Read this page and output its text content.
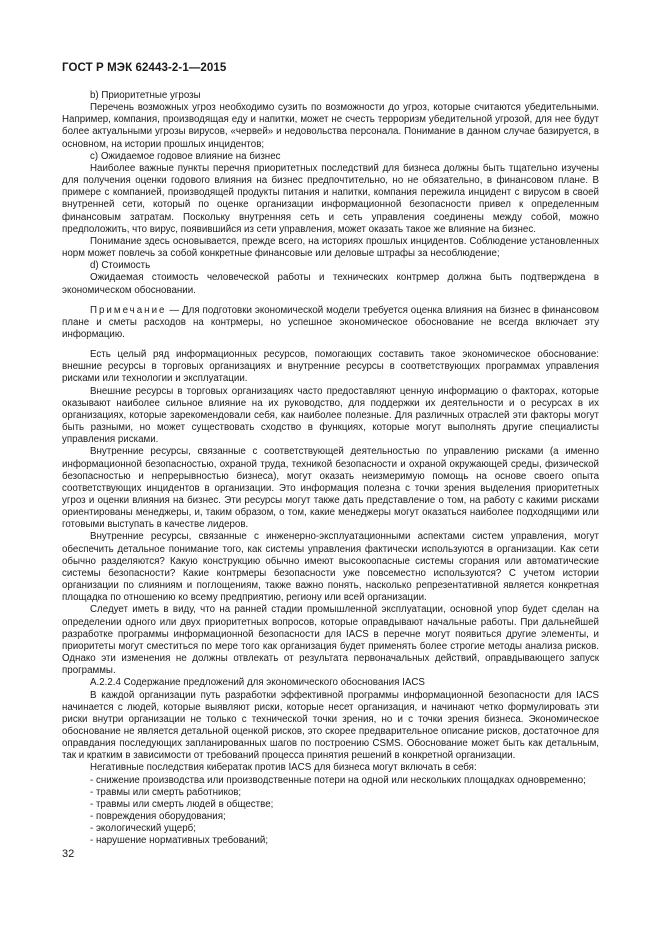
ГОСТ Р МЭК 62443-2-1—2015

b) Приоритетные угрозы

Перечень возможных угроз необходимо сузить по возможности до угроз, которые считаются убедительными. Например, компания, производящая еду и напитки, может не счесть терроризм убедительной угрозой, для нее будут более актуальными угрозы вирусов, «червей» и недовольства персонала. Понимание в данном случае базируется, в основном, на истории прошлых инцидентов;

c) Ожидаемое годовое влияние на бизнес

Наиболее важные пункты перечня приоритетных последствий для бизнеса должны быть тщательно изучены для получения оценки годового влияния на бизнес предпочтительно, но не обязательно, в финансовом плане. В примере с компанией, производящей продукты питания и напитки, компания пережила инцидент с вирусом в своей внутренней сети, который по оценке организации информационной безопасности привел к определенным финансовым затратам. Поскольку внутренняя сеть и сеть управления соединены между собой, можно предположить, что вирус, появившийся из сети управления, может оказать такое же влияние на бизнес.

Понимание здесь основывается, прежде всего, на историях прошлых инцидентов. Соблюдение установленных норм может повлечь за собой конкретные финансовые или деловые штрафы за несоблюдение;

d) Стоимость

Ожидаемая стоимость человеческой работы и технических контрмер должна быть подтверждена в экономическом обосновании.

Примечание — Для подготовки экономической модели требуется оценка влияния на бизнес в финансовом плане и сметы расходов на контрмеры, но успешное экономическое обоснование не всегда включает эту информацию.

Есть целый ряд информационных ресурсов, помогающих составить такое экономическое обоснование: внешние ресурсы в торговых организациях и внутренние ресурсы в соответствующих программах управления рисками или технологии и эксплуатации.

Внешние ресурсы в торговых организациях часто предоставляют ценную информацию о факторах, которые оказывают наиболее сильное влияние на их руководство, для поддержки их деятельности и о ресурсах в их организациях, которые зарекомендовали себя, как наиболее полезные. Для различных отраслей эти факторы могут быть разными, но может существовать сходство в функциях, которые могут выполнять другие специалисты управления рисками.

Внутренние ресурсы, связанные с соответствующей деятельностью по управлению рисками (а именно информационной безопасностью, охраной труда, техникой безопасности и охраной окружающей среды, физической безопасностью и непрерывностью бизнеса), могут оказать неизмеримую помощь на основе своего опыта соответствующих инцидентов в организации. Это информация полезна с точки зрения выделения приоритетных угроз и оценки влияния на бизнес. Эти ресурсы могут также дать представление о том, на работу с какими рисками ориентированы менеджеры, и, таким образом, о том, какие менеджеры могут оказаться наиболее подходящими или готовыми выступать в качестве лидеров.

Внутренние ресурсы, связанные с инженерно-эксплуатационными аспектами систем управления, могут обеспечить детальное понимание того, как системы управления фактически используются в организации. Как сети обычно разделяются? Какую конструкцию обычно имеют высокоопасные системы сгорания или автоматические системы безопасности? Какие контрмеры безопасности уже повсеместно используются? С учетом истории организации по слияниям и поглощениям, также важно понять, насколько репрезентативной является конкретная площадка по отношению ко всему предприятию, региону или всей организации.

Следует иметь в виду, что на ранней стадии промышленной эксплуатации, основной упор будет сделан на определении одного или двух приоритетных вопросов, которые оправдывают начальные работы. При дальнейшей разработке программы информационной безопасности для IACS в перечне могут появиться другие элементы, и приоритеты могут сместиться по мере того как организация будет применять более строгие методы анализа рисков. Однако эти изменения не должны отвлекать от результата первоначальных действий, оправдывающего запуск программы.

A.2.2.4 Содержание предложений для экономического обоснования IACS

В каждой организации путь разработки эффективной программы информационной безопасности для IACS начинается с людей, которые выявляют риски, которые несет организация, и начинают четко формулировать эти риски внутри организации не только с технической точки зрения, но и с точки зрения бизнеса. Экономическое обоснование не является детальной оценкой рисков, это скорее предварительное описание рисков, достаточное для оправдания последующих запланированных шагов по построению CSMS. Обоснование может быть как детальным, так и кратким в зависимости от требований процесса принятия решений в конкретной организации.

Негативные последствия кибератак против IACS для бизнеса могут включать в себя:

- снижение производства или производственные потери на одной или нескольких площадках одновременно;
- травмы или смерть работников;
- травмы или смерть людей в обществе;
- повреждения оборудования;
- экологический ущерб;
- нарушение нормативных требований;
32
